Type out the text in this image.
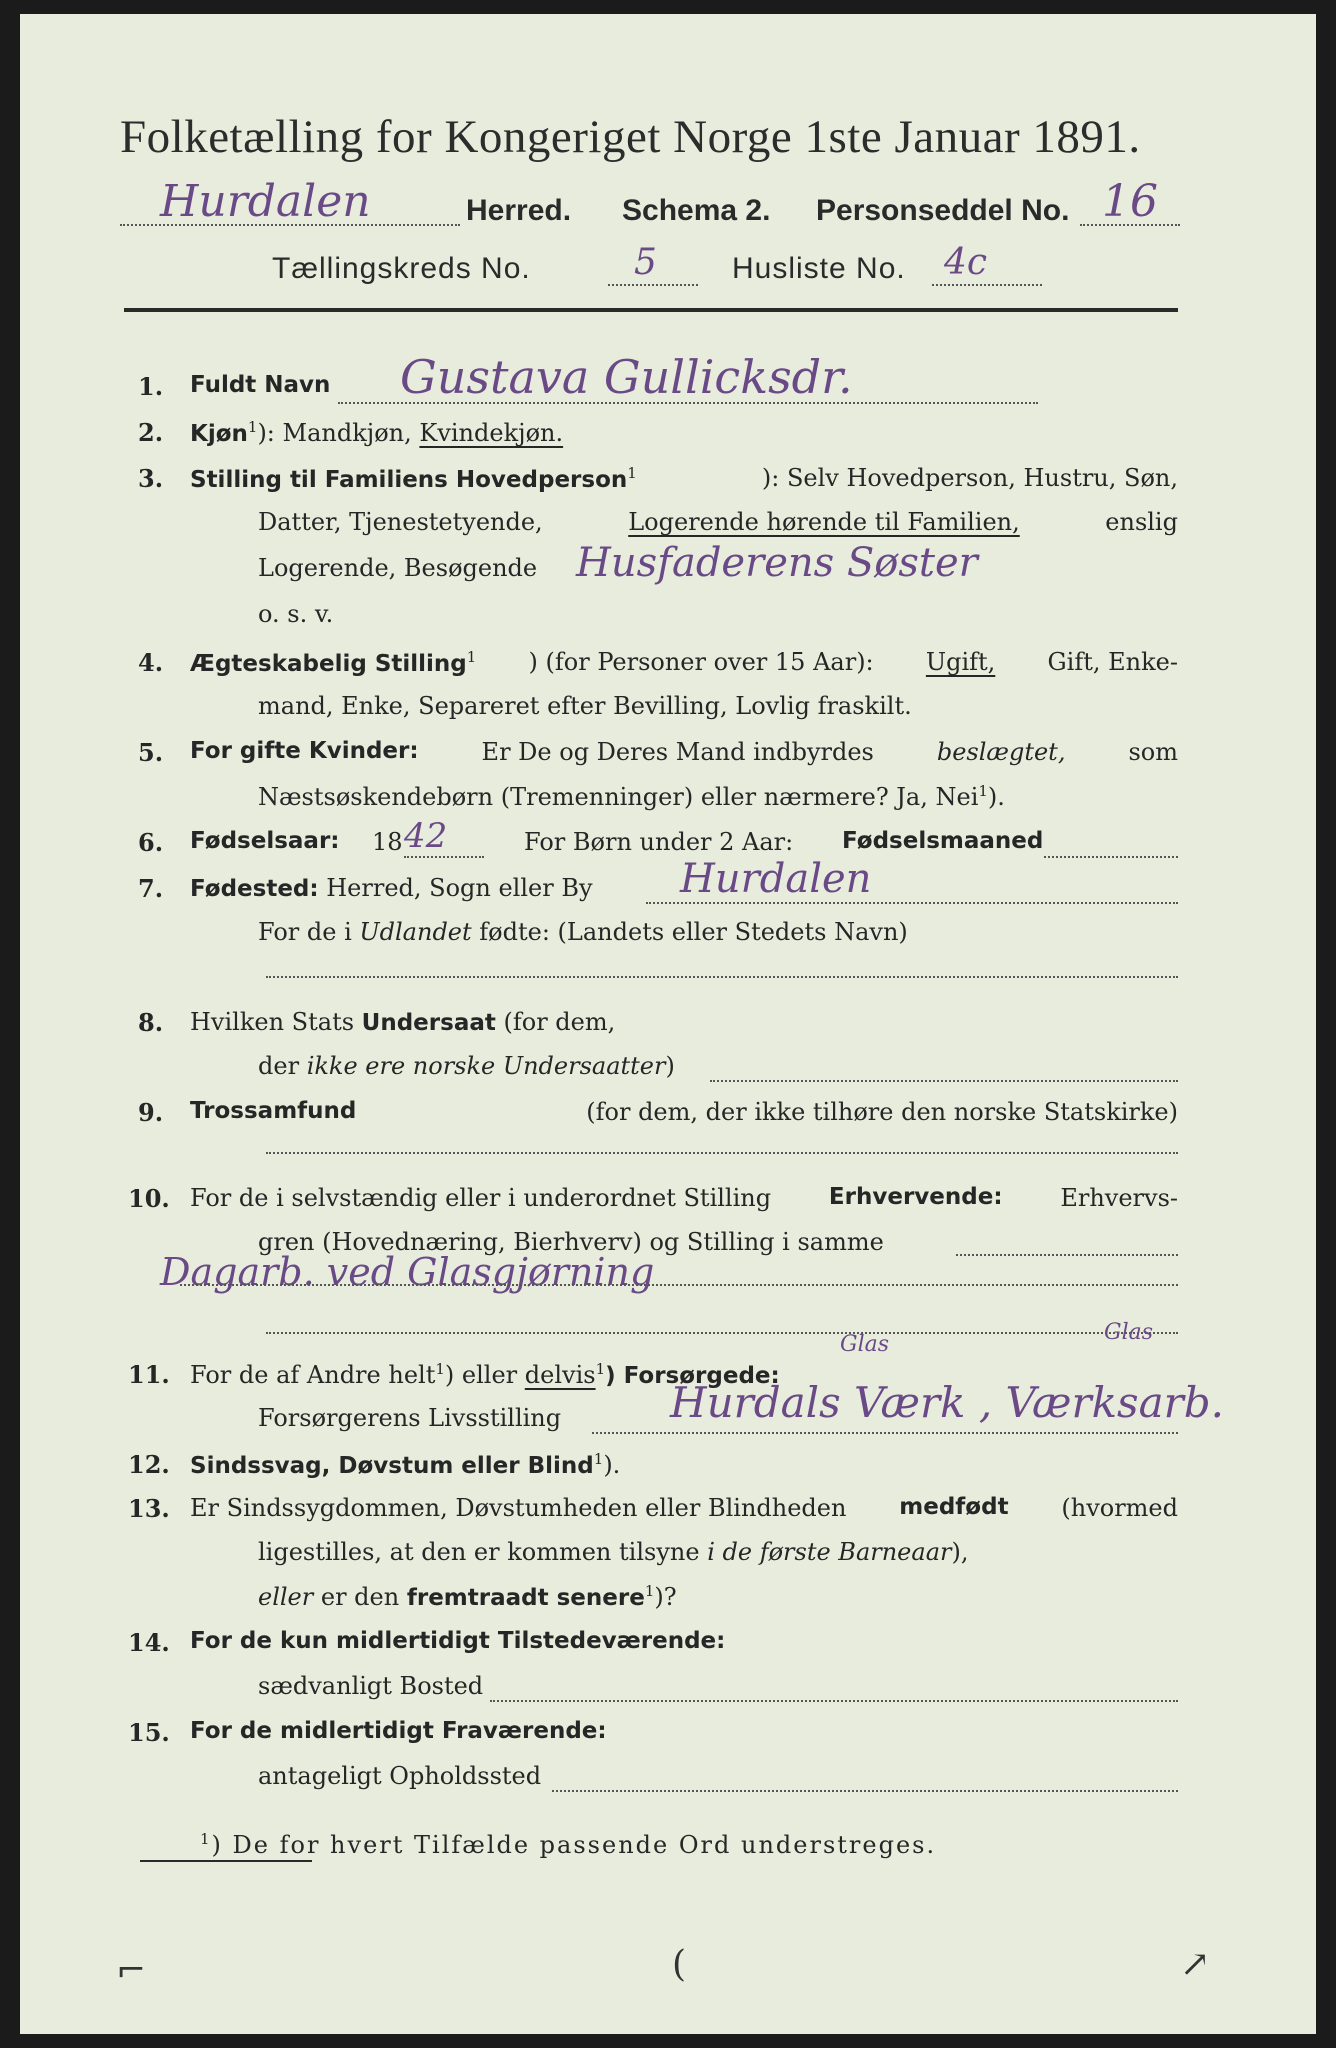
Folketælling for Kongeriget Norge 1ste Januar 1891.
Hurdalen	Herred. Schema 2. Personseddel No. 16
Tællingskreds No.	5	Husliste No. 4c
1. Fuldt Navn Gustava Gullicksdr.
2. Kjøn$^1$): Mandkjøn, Kvindekjøn.
3. Stilling til Familiens Hovedperson$^1$	): Selv Hovedperson, Hustru, Søn,
Datter, Tjenestetyende,	Logerende hørende til Familien,	enslig
Logerende, Besøgende Husfaderens Søster
o. s. v.
4. Ægteskabelig Stilling$^1$ ) (for Personer over 15 Aar): Ugift, Gift, Enke-
mand, Enke, Separeret efter Bevilling, Lovlig fraskilt.
5. For gifte Kvinder:	Er De og Deres Mand indbyrdes	beslægtet,	som
Næstsøskendebørn (Tremenninger) eller nærmere? Ja, Nei$^1$).
6. Fødselsaar: 18 42	For Børn under 2 Aar: Fødselsmaaned
7. Fødested: Herred, Sogn eller By Hurdalen
For de i Udlandet fødte: (Landets eller Stedets Navn)
8. Hvilken Stats Undersaat (for dem,
der ikke ere norske Undersaatter)
9. Trossamfund	(for dem, der ikke tilhøre den norske Statskirke)
10. For de i selvstændig eller i underordnet Stilling	Erhvervende: Erhvervs-
gren (Hovednæring, Bierhverv) og Stilling i samme
Dagarb. ved Glasgjørning
Glas	Glas
11. For de af Andre helt$^1$) eller delvis$^1$) Forsørgede:
Forsørgerens Livsstilling	Hurdals Værk , Værksarb.
12. Sindssvag, Døvstum eller Blind$^1$).
13. Er Sindssygdommen, Døvstumheden eller Blindheden medfødt (hvormed
ligestilles, at den er kommen tilsyne i de første Barneaar),
eller er den fremtraadt senere$^1$)?
14. For de kun midlertidigt Tilstedeværende:
sædvanligt Bosted
15. For de midlertidigt Fraværende:
antageligt Opholdssted
$^1$) De for hvert Tilfælde passende Ord understreges.
⌐	(	↗
